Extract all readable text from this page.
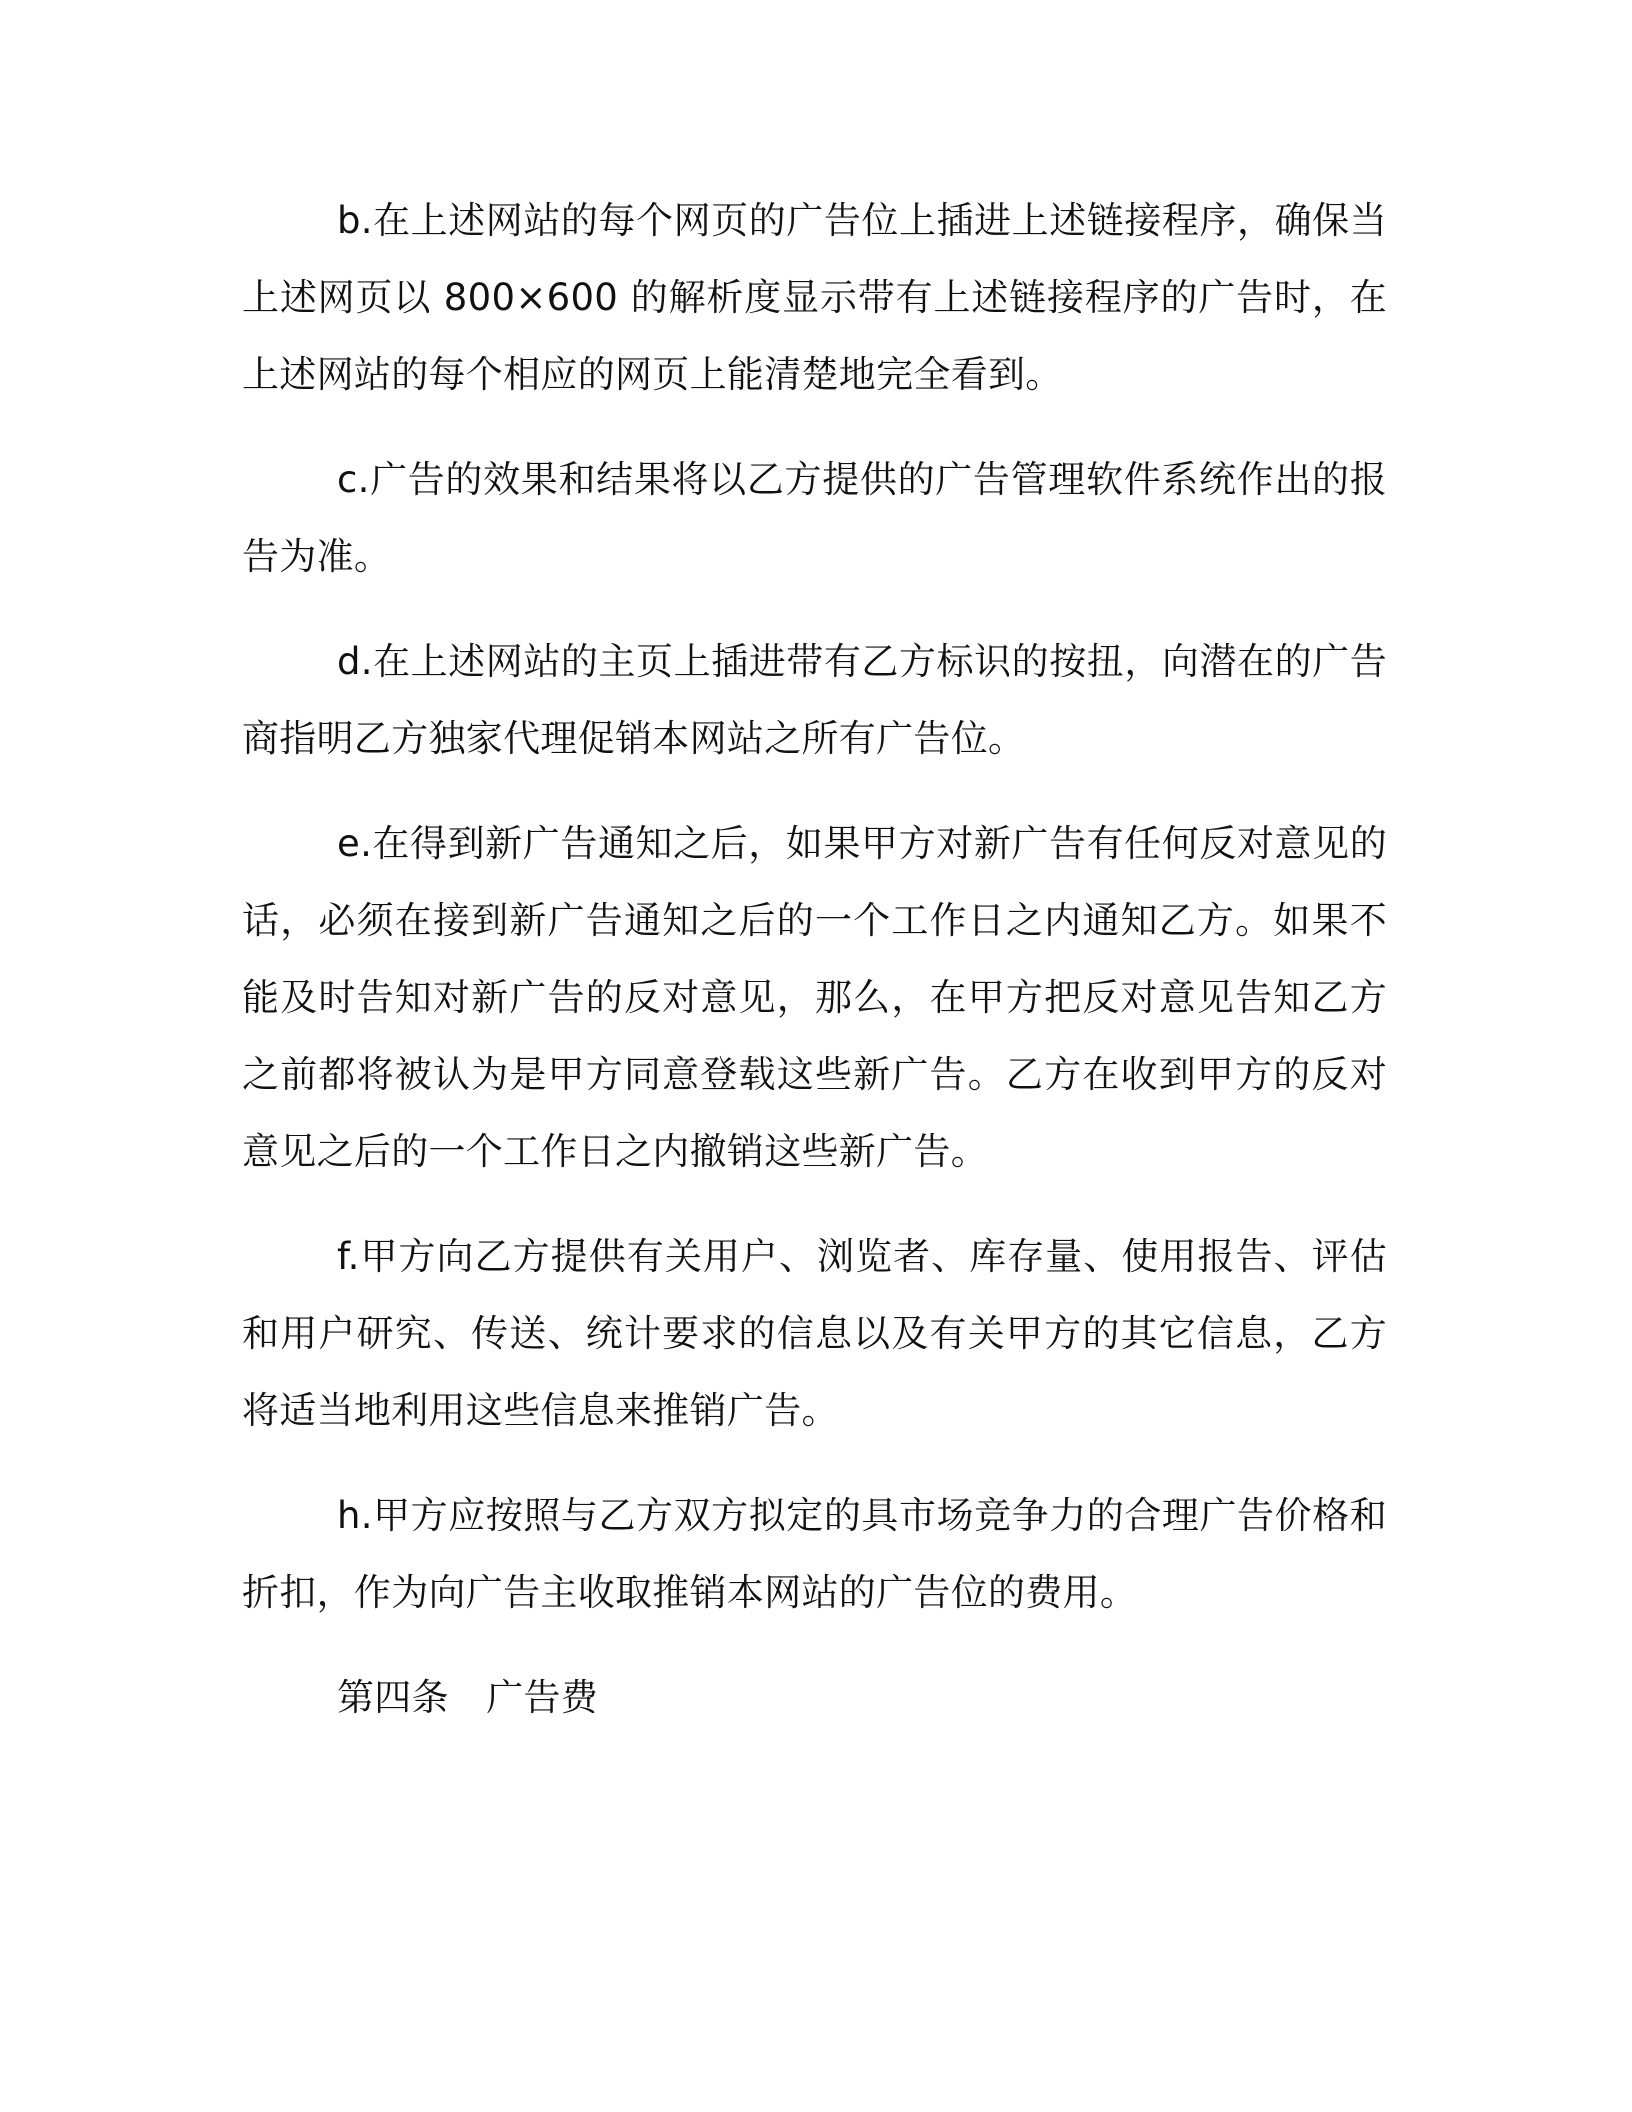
b.在上述网站的每个网页的广告位上插进上述链接程序，确保当上述网页以 800×600 的解析度显示带有上述链接程序的广告时，在上述网站的每个相应的网页上能清楚地完全看到。

c.广告的效果和结果将以乙方提供的广告管理软件系统作出的报告为准。

d.在上述网站的主页上插进带有乙方标识的按扭，向潜在的广告商指明乙方独家代理促销本网站之所有广告位。

e.在得到新广告通知之后，如果甲方对新广告有任何反对意见的话，必须在接到新广告通知之后的一个工作日之内通知乙方。如果不能及时告知对新广告的反对意见，那么，在甲方把反对意见告知乙方之前都将被认为是甲方同意登载这些新广告。乙方在收到甲方的反对意见之后的一个工作日之内撤销这些新广告。

f.甲方向乙方提供有关用户、浏览者、库存量、使用报告、评估和用户研究、传送、统计要求的信息以及有关甲方的其它信息，乙方将适当地利用这些信息来推销广告。

h.甲方应按照与乙方双方拟定的具市场竞争力的合理广告价格和折扣，作为向广告主收取推销本网站的广告位的费用。

第四条　广告费
